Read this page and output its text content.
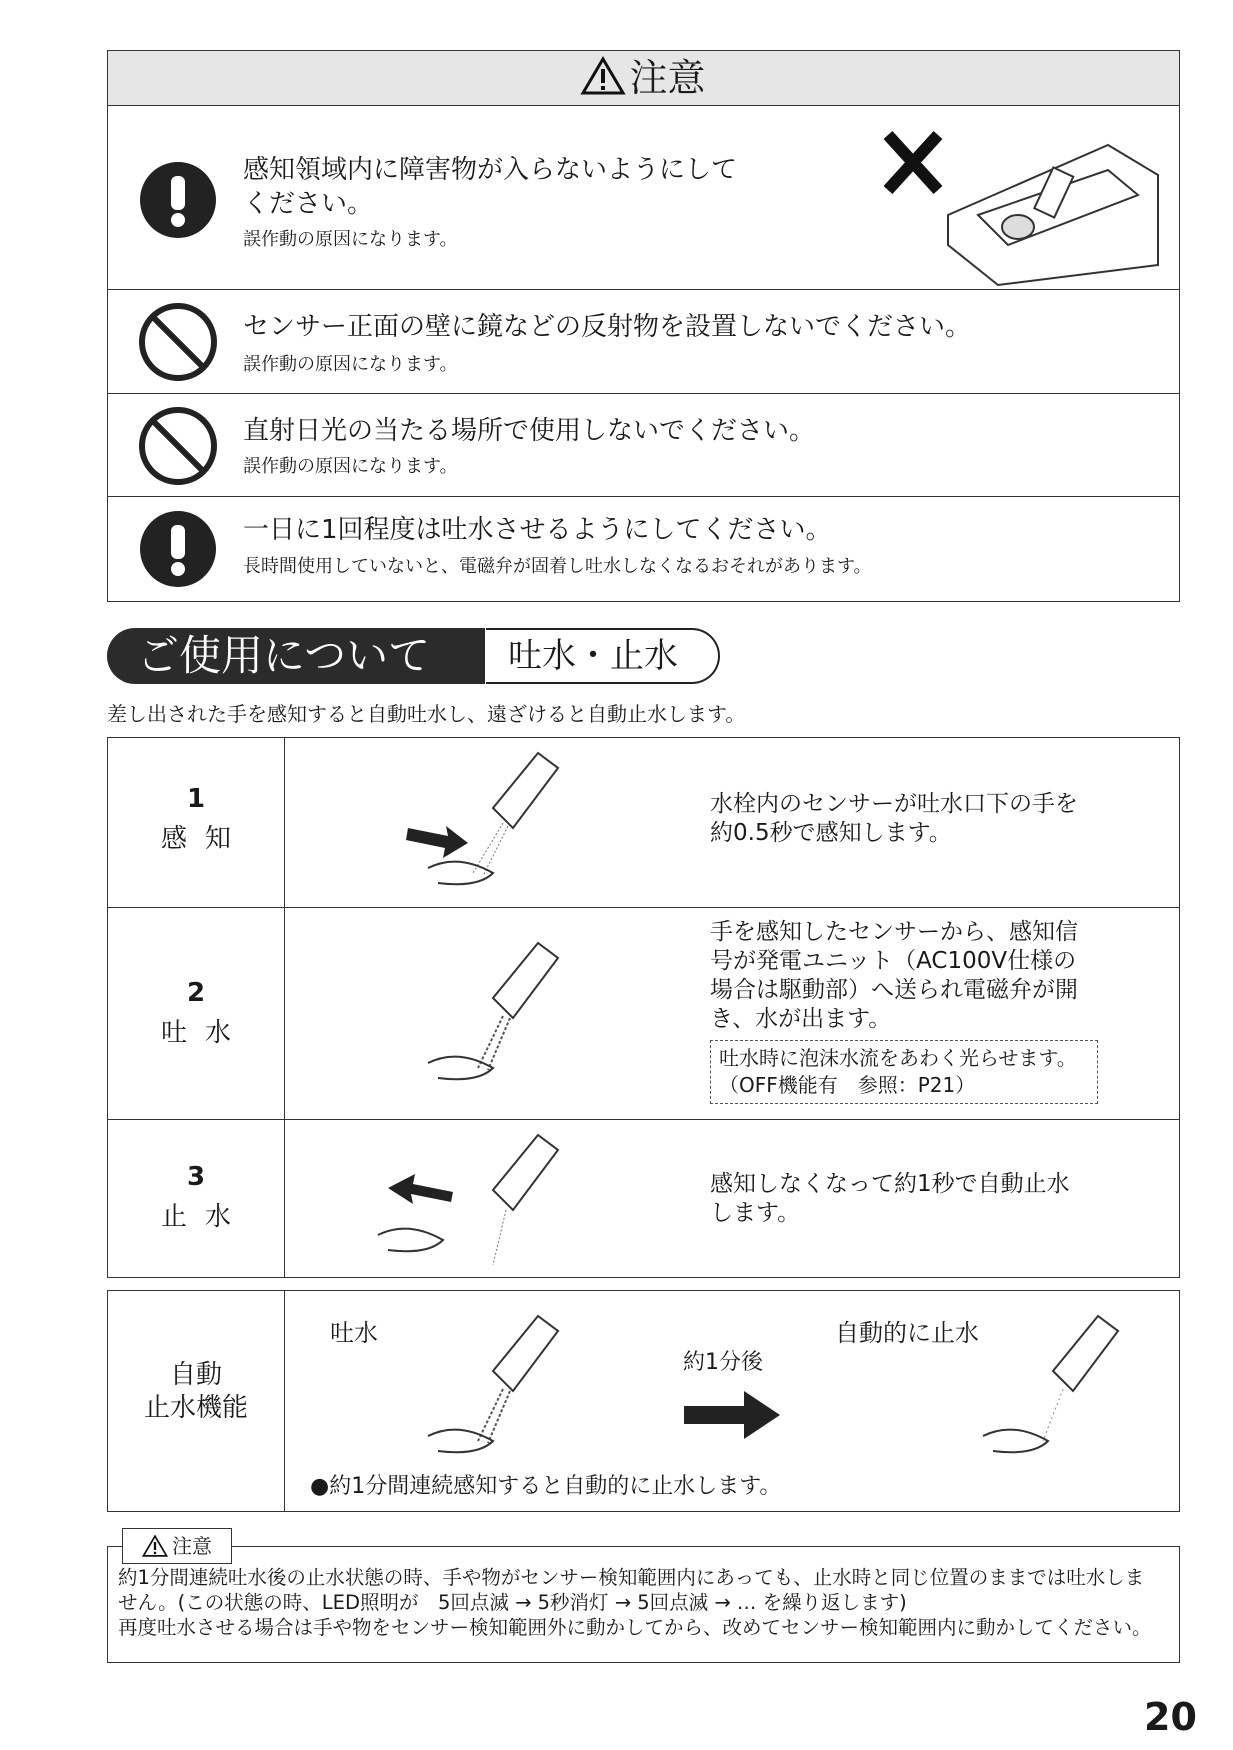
注意
感知領域内に障害物が入らないようにして
ください。
誤作動の原因になります。
センサー正面の壁に鏡などの反射物を設置しないでください。
誤作動の原因になります。
直射日光の当たる場所で使用しないでください。
誤作動の原因になります。
一日に1回程度は吐水させるようにしてください。
長時間使用していないと、電磁弁が固着し吐水しなくなるおそれがあります。
ご使用について	吐水・止水
差し出された手を感知すると自動吐水し、遠ざけると自動止水します。
1
感知
水栓内のセンサーが吐水口下の手を
約0.5秒で感知します。
2
吐水
手を感知したセンサーから、感知信
号が発電ユニット（AC100V仕様の
場合は駆動部）へ送られ電磁弁が開
き、水が出ます。
吐水時に泡沫水流をあわく光らせます。
（OFF機能有　参照：P21）
3
止水
感知しなくなって約1秒で自動止水
します。
自動
止水機能
吐水
約1分後
自動的に止水
●約1分間連続感知すると自動的に止水します。
約1分間連続吐水後の止水状態の時、手や物がセンサー検知範囲内にあっても、止水時と同じ位置のままでは吐水しま
せん。(この状態の時、LED照明が　5回点滅 → 5秒消灯 → 5回点滅 → … を繰り返します)
再度吐水させる場合は手や物をセンサー検知範囲外に動かしてから、改めてセンサー検知範囲内に動かしてください。
注意
20
